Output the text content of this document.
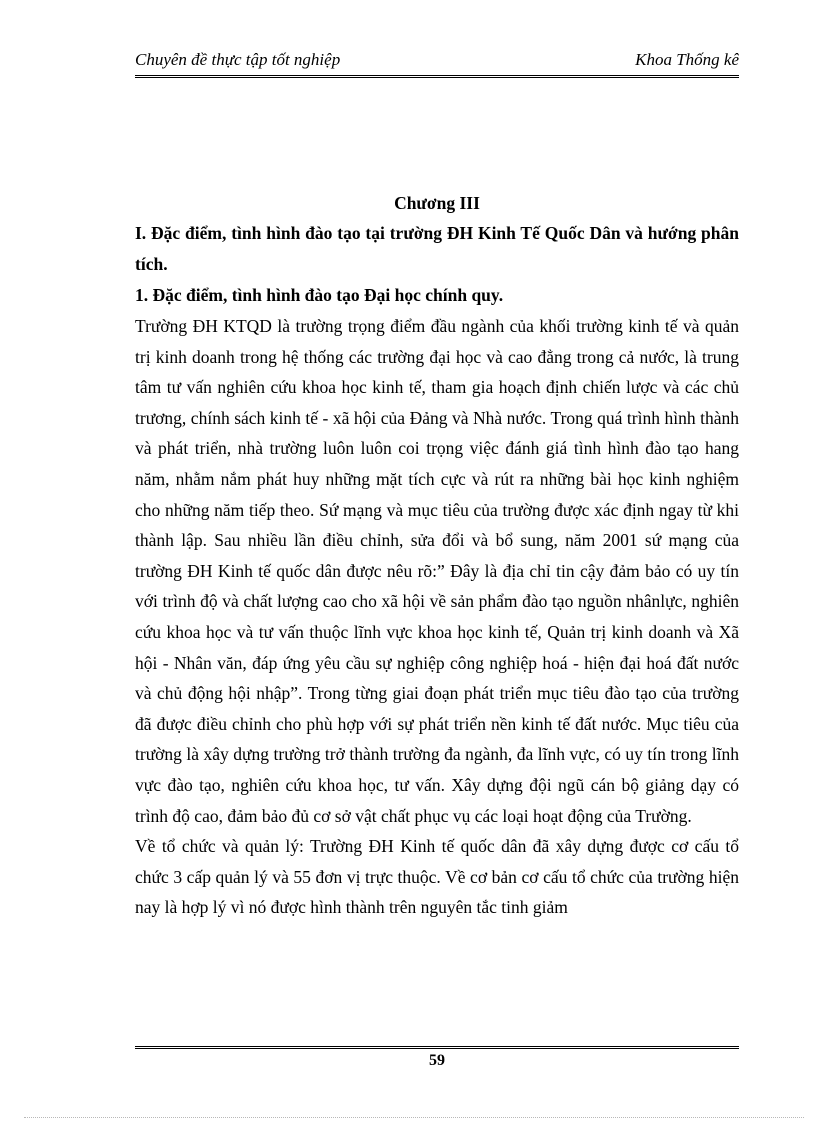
Chuyên đề thực tập tốt nghiệp	Khoa Thống kê
Chương III

I. Đặc điểm, tình hình đào tạo tại trường ĐH Kinh Tế Quốc Dân và hướng phân tích.

1. Đặc điểm, tình hình đào tạo Đại học chính quy.

Trường ĐH KTQD là trường trọng điểm đầu ngành của khối trường kinh tế và quản trị kinh doanh trong hệ thống các trường đại học và cao đẳng trong cả nước, là trung tâm tư vấn nghiên cứu khoa học kinh tế, tham gia hoạch định chiến lược và các chủ trương, chính sách kinh tế - xã hội của Đảng và Nhà nước. Trong quá trình hình thành và phát triển, nhà trường luôn luôn coi trọng việc đánh giá tình hình đào tạo hang năm, nhằm nắm phát huy những mặt tích cực và rút ra những bài học kinh nghiệm cho những năm tiếp theo. Sứ mạng và mục tiêu của trường được xác định ngay từ khi thành lập. Sau nhiều lần điều chỉnh, sửa đổi và bổ sung, năm 2001 sứ mạng của trường ĐH Kinh tế quốc dân được nêu rõ:” Đây là địa chỉ tin cậy đảm bảo có uy tín với trình độ và chất lượng cao cho xã hội về sản phẩm đào tạo nguồn nhânlực, nghiên cứu khoa học và tư vấn thuộc lĩnh vực khoa học kinh tế, Quản trị kinh doanh và Xã hội - Nhân văn, đáp ứng yêu cầu sự nghiệp công nghiệp hoá - hiện đại hoá đất nước và chủ động hội nhập”. Trong từng giai đoạn phát triển mục tiêu đào tạo của trường đã được điều chỉnh cho phù hợp với sự phát triển nền kinh tế đất nước. Mục tiêu của trường là xây dựng trường trở thành trường đa ngành, đa lĩnh vực, có uy tín trong lĩnh vực đào tạo, nghiên cứu khoa học, tư vấn. Xây dựng đội ngũ cán bộ giảng dạy có trình độ cao, đảm bảo đủ cơ sở vật chất phục vụ các loại hoạt động của Trường.

Về tổ chức và quản lý: Trường ĐH Kinh tế quốc dân đã xây dựng được cơ cấu tổ chức 3 cấp quản lý và 55 đơn vị trực thuộc. Về cơ bản cơ cấu tổ chức của trường hiện nay là hợp lý vì nó được hình thành trên nguyên tắc tinh giảm

59
